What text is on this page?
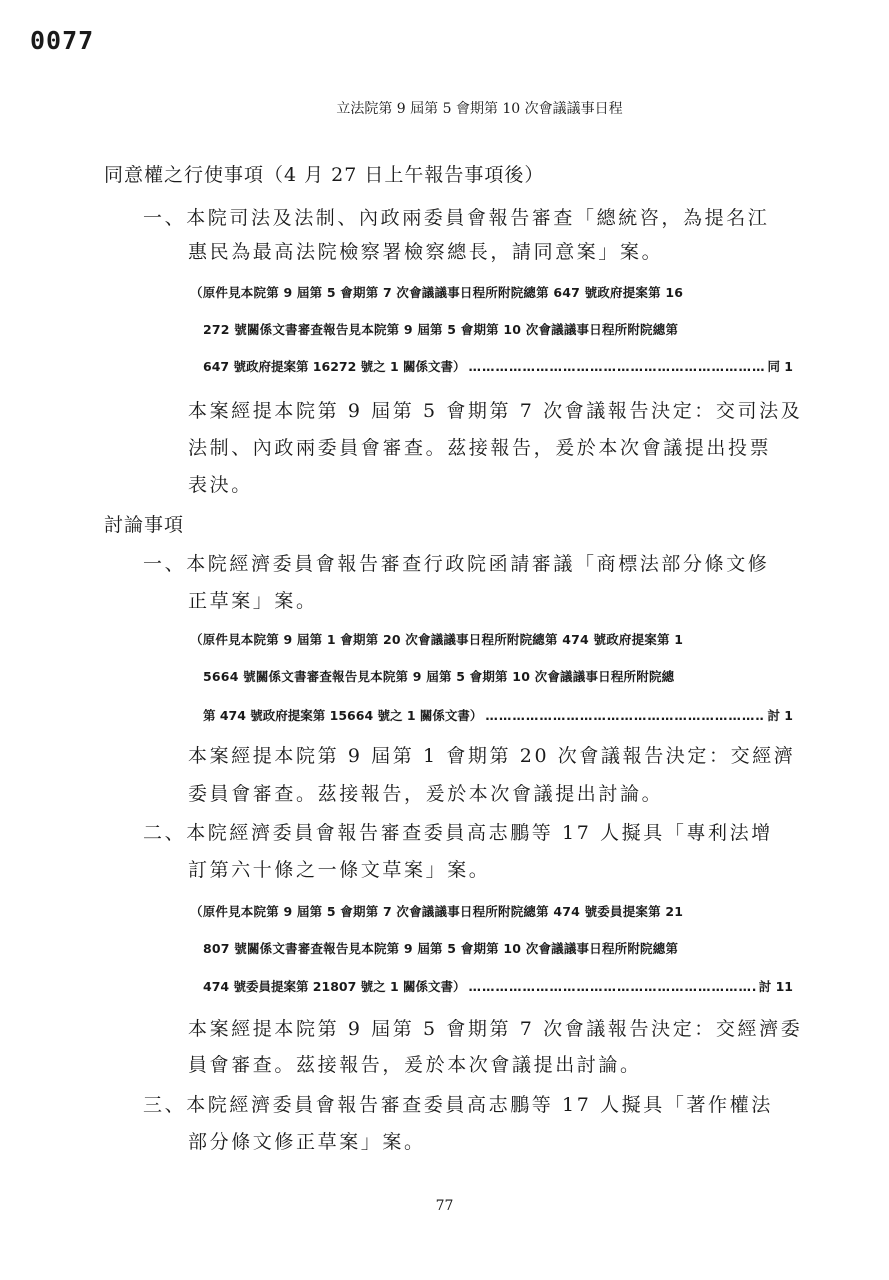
0077
立法院第 9 屆第 5 會期第 10 次會議議事日程
同意權之行使事項（4 月 27 日上午報告事項後）
一、本院司法及法制、內政兩委員會報告審查「總統咨，為提名江
惠民為最高法院檢察署檢察總長，請同意案」案。
（原件見本院第 9 屆第 5 會期第 7 次會議議事日程所附院總第 647 號政府提案第 16
272 號關係文書審查報告見本院第 9 屆第 5 會期第 10 次會議議事日程所附院總第
647 號政府提案第 16272 號之 1 關係文書） ……………………………………………………………………………………………………………………	同 1
本案經提本院第 9 屆第 5 會期第 7 次會議報告決定：交司法及
法制、內政兩委員會審查。茲接報告，爰於本次會議提出投票
表決。
討論事項
一、本院經濟委員會報告審查行政院函請審議「商標法部分條文修
正草案」案。
（原件見本院第 9 屆第 1 會期第 20 次會議議事日程所附院總第 474 號政府提案第 1
5664 號關係文書審查報告見本院第 9 屆第 5 會期第 10 次會議議事日程所附院總
第 474 號政府提案第 15664 號之 1 關係文書） ……………………………………………………………………………………………………………………	討 1
本案經提本院第 9 屆第 1 會期第 20 次會議報告決定：交經濟
委員會審查。茲接報告，爰於本次會議提出討論。
二、本院經濟委員會報告審查委員高志鵬等 17 人擬具「專利法增
訂第六十條之一條文草案」案。
（原件見本院第 9 屆第 5 會期第 7 次會議議事日程所附院總第 474 號委員提案第 21
807 號關係文書審查報告見本院第 9 屆第 5 會期第 10 次會議議事日程所附院總第
474 號委員提案第 21807 號之 1 關係文書） ……………………………………………………………………………………………………………………	討 11
本案經提本院第 9 屆第 5 會期第 7 次會議報告決定：交經濟委
員會審查。茲接報告，爰於本次會議提出討論。
三、本院經濟委員會報告審查委員高志鵬等 17 人擬具「著作權法
部分條文修正草案」案。
77
